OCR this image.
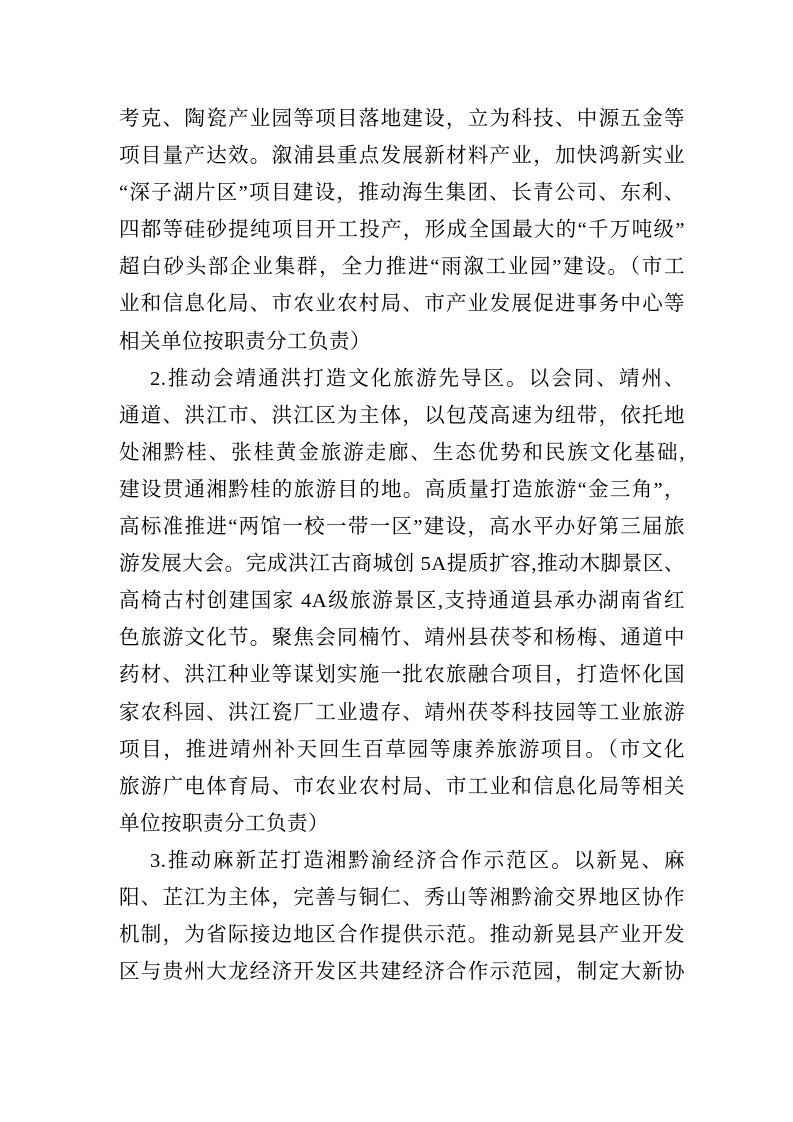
考克、陶瓷产业园等项目落地建设，立为科技、中源五金等

项目量产达效。溆浦县重点发展新材料产业，加快鸿新实业

“深子湖片区”项目建设，推动海生集团、长青公司、东利、

四都等硅砂提纯项目开工投产，形成全国最大的“千万吨级”

超白砂头部企业集群，全力推进“雨溆工业园”建设。（市工

业和信息化局、市农业农村局、市产业发展促进事务中心等

相关单位按职责分工负责）

2.推动会靖通洪打造文化旅游先导区。以会同、靖州、

通道、洪江市、洪江区为主体，以包茂高速为纽带，依托地

处湘黔桂、张桂黄金旅游走廊、生态优势和民族文化基础,

建设贯通湘黔桂的旅游目的地。高质量打造旅游“金三角”，

高标准推进“两馆一校一带一区”建设，高水平办好第三届旅

游发展大会。完成洪江古商城创 5A提质扩容,推动木脚景区、

高椅古村创建国家 4A级旅游景区,支持通道县承办湖南省红

色旅游文化节。聚焦会同楠竹、靖州县茯苓和杨梅、通道中

药材、洪江种业等谋划实施一批农旅融合项目，打造怀化国

家农科园、洪江瓷厂工业遗存、靖州茯苓科技园等工业旅游

项目，推进靖州补天回生百草园等康养旅游项目。（市文化

旅游广电体育局、市农业农村局、市工业和信息化局等相关

单位按职责分工负责）

3.推动麻新芷打造湘黔渝经济合作示范区。以新晃、麻

阳、芷江为主体，完善与铜仁、秀山等湘黔渝交界地区协作

机制，为省际接边地区合作提供示范。推动新晃县产业开发

区与贵州大龙经济开发区共建经济合作示范园，制定大新协
